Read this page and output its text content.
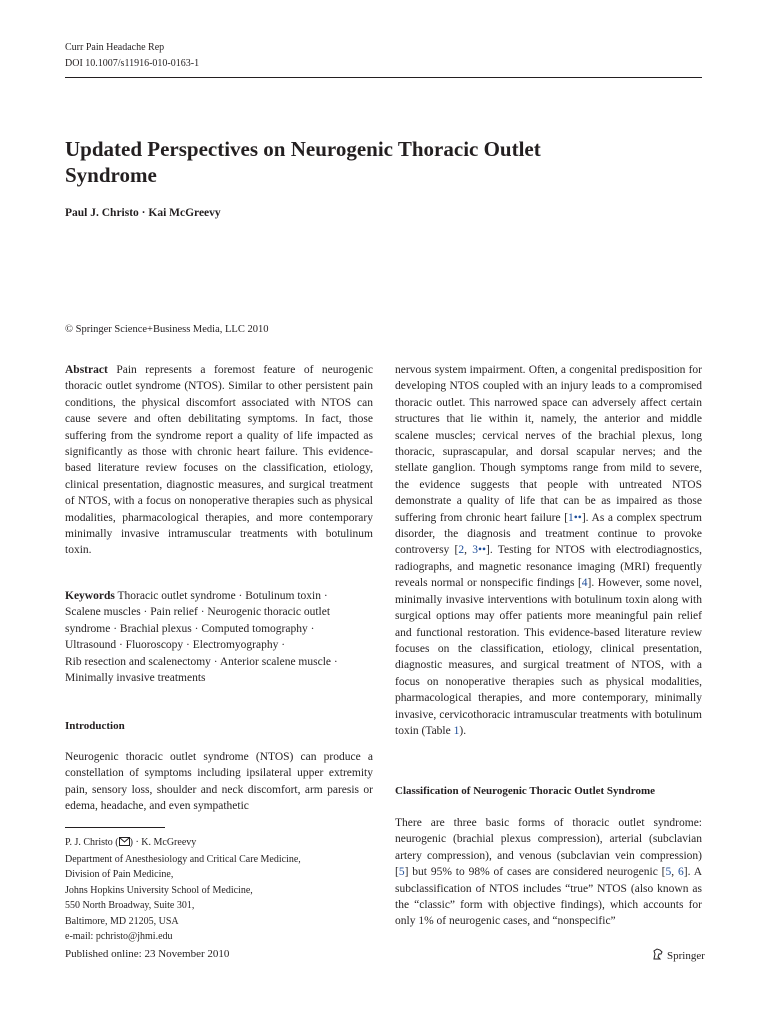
Curr Pain Headache Rep
DOI 10.1007/s11916-010-0163-1
Updated Perspectives on Neurogenic Thoracic Outlet
Syndrome
Paul J. Christo · Kai McGreevy
© Springer Science+Business Media, LLC 2010

Abstract Pain represents a foremost feature of neurogenic thoracic outlet syndrome (NTOS). Similar to other persistent pain conditions, the physical discomfort associated with NTOS can cause severe and often debilitating symptoms. In fact, those suffering from the syndrome report a quality of life impacted as significantly as those with chronic heart failure. This evidence-based literature review focuses on the classification, etiology, clinical presentation, diagnostic measures, and surgical treatment of NTOS, with a focus on nonoperative therapies such as physical modalities, pharmacological therapies, and more contemporary minimally invasive intramuscular treatments with botulinum toxin.

Keywords Thoracic outlet syndrome · Botulinum toxin ·
Scalene muscles · Pain relief · Neurogenic thoracic outlet
syndrome · Brachial plexus · Computed tomography ·
Ultrasound · Fluoroscopy · Electromyography ·
Rib resection and scalenectomy · Anterior scalene muscle ·
Minimally invasive treatments
Introduction

Neurogenic thoracic outlet syndrome (NTOS) can produce a constellation of symptoms including ipsilateral upper extremity pain, sensory loss, shoulder and neck discomfort, arm paresis or edema, headache, and even sympathetic

P. J. Christo ( ) · K. McGreevy
Department of Anesthesiology and Critical Care Medicine,
Division of Pain Medicine,
Johns Hopkins University School of Medicine,
550 North Broadway, Suite 301,
Baltimore, MD 21205, USA
e-mail: pchristo@jhmi.edu

nervous system impairment. Often, a congenital predisposition for developing NTOS coupled with an injury leads to a compromised thoracic outlet. This narrowed space can adversely affect certain structures that lie within it, namely, the anterior and middle scalene muscles; cervical nerves of the brachial plexus, long thoracic, suprascapular, and dorsal scapular nerves; and the stellate ganglion. Though symptoms range from mild to severe, the evidence suggests that people with untreated NTOS demonstrate a quality of life that can be as impaired as those suffering from chronic heart failure [1••]. As a complex spectrum disorder, the diagnosis and treatment continue to provoke controversy [2, 3••]. Testing for NTOS with electrodiagnostics, radiographs, and magnetic resonance imaging (MRI) frequently reveals normal or nonspecific findings [4]. However, some novel, minimally invasive interventions with botulinum toxin along with surgical options may offer patients more meaningful pain relief and functional restoration. This evidence-based literature review focuses on the classification, etiology, clinical presentation, diagnostic measures, and surgical treatment of NTOS, with a focus on nonoperative therapies such as physical modalities, pharmacological therapies, and more contemporary, minimally invasive, cervicothoracic intramuscular treatments with botulinum toxin (Table 1).

Classification of Neurogenic Thoracic Outlet Syndrome

There are three basic forms of thoracic outlet syndrome: neurogenic (brachial plexus compression), arterial (subclavian artery compression), and venous (subclavian vein compression) [5] but 95% to 98% of cases are considered neurogenic [5, 6]. A subclassification of NTOS includes “true” NTOS (also known as the “classic” form with objective findings), which accounts for only 1% of neurogenic cases, and “nonspecific”

Published online: 23 November 2010	Springer
